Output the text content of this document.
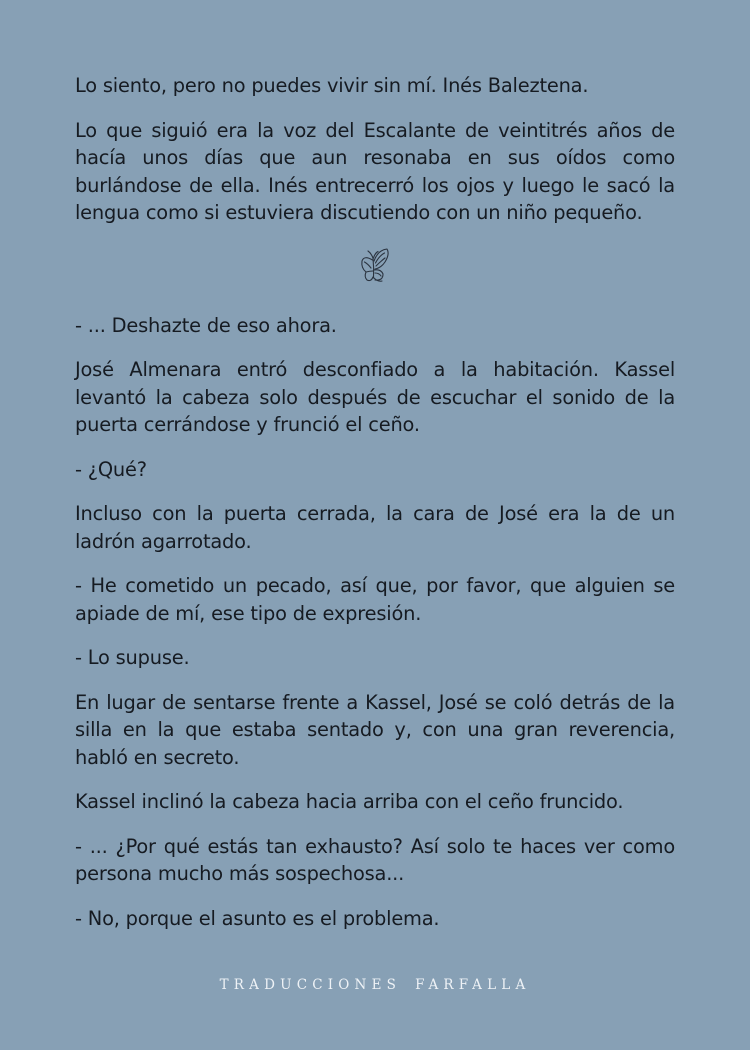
Lo siento, pero no puedes vivir sin mí. Inés Baleztena.

Lo que siguió era la voz del Escalante de veintitrés años de hacía unos días que aun resonaba en sus oídos como burlándose de ella. Inés entrecerró los ojos y luego le sacó la lengua como si estuviera discutiendo con un niño pequeño.

- ... Deshazte de eso ahora.

José Almenara entró desconfiado a la habitación. Kassel levantó la cabeza solo después de escuchar el sonido de la puerta cerrándose y frunció el ceño.

- ¿Qué?

Incluso con la puerta cerrada, la cara de José era la de un ladrón agarrotado.

- He cometido un pecado, así que, por favor, que alguien se apiade de mí, ese tipo de expresión.

- Lo supuse.

En lugar de sentarse frente a Kassel, José se coló detrás de la silla en la que estaba sentado y, con una gran reverencia, habló en secreto.

Kassel inclinó la cabeza hacia arriba con el ceño fruncido.

- ... ¿Por qué estás tan exhausto? Así solo te haces ver como persona mucho más sospechosa...

- No, porque el asunto es el problema.

TRADUCCIONES FARFALLA
